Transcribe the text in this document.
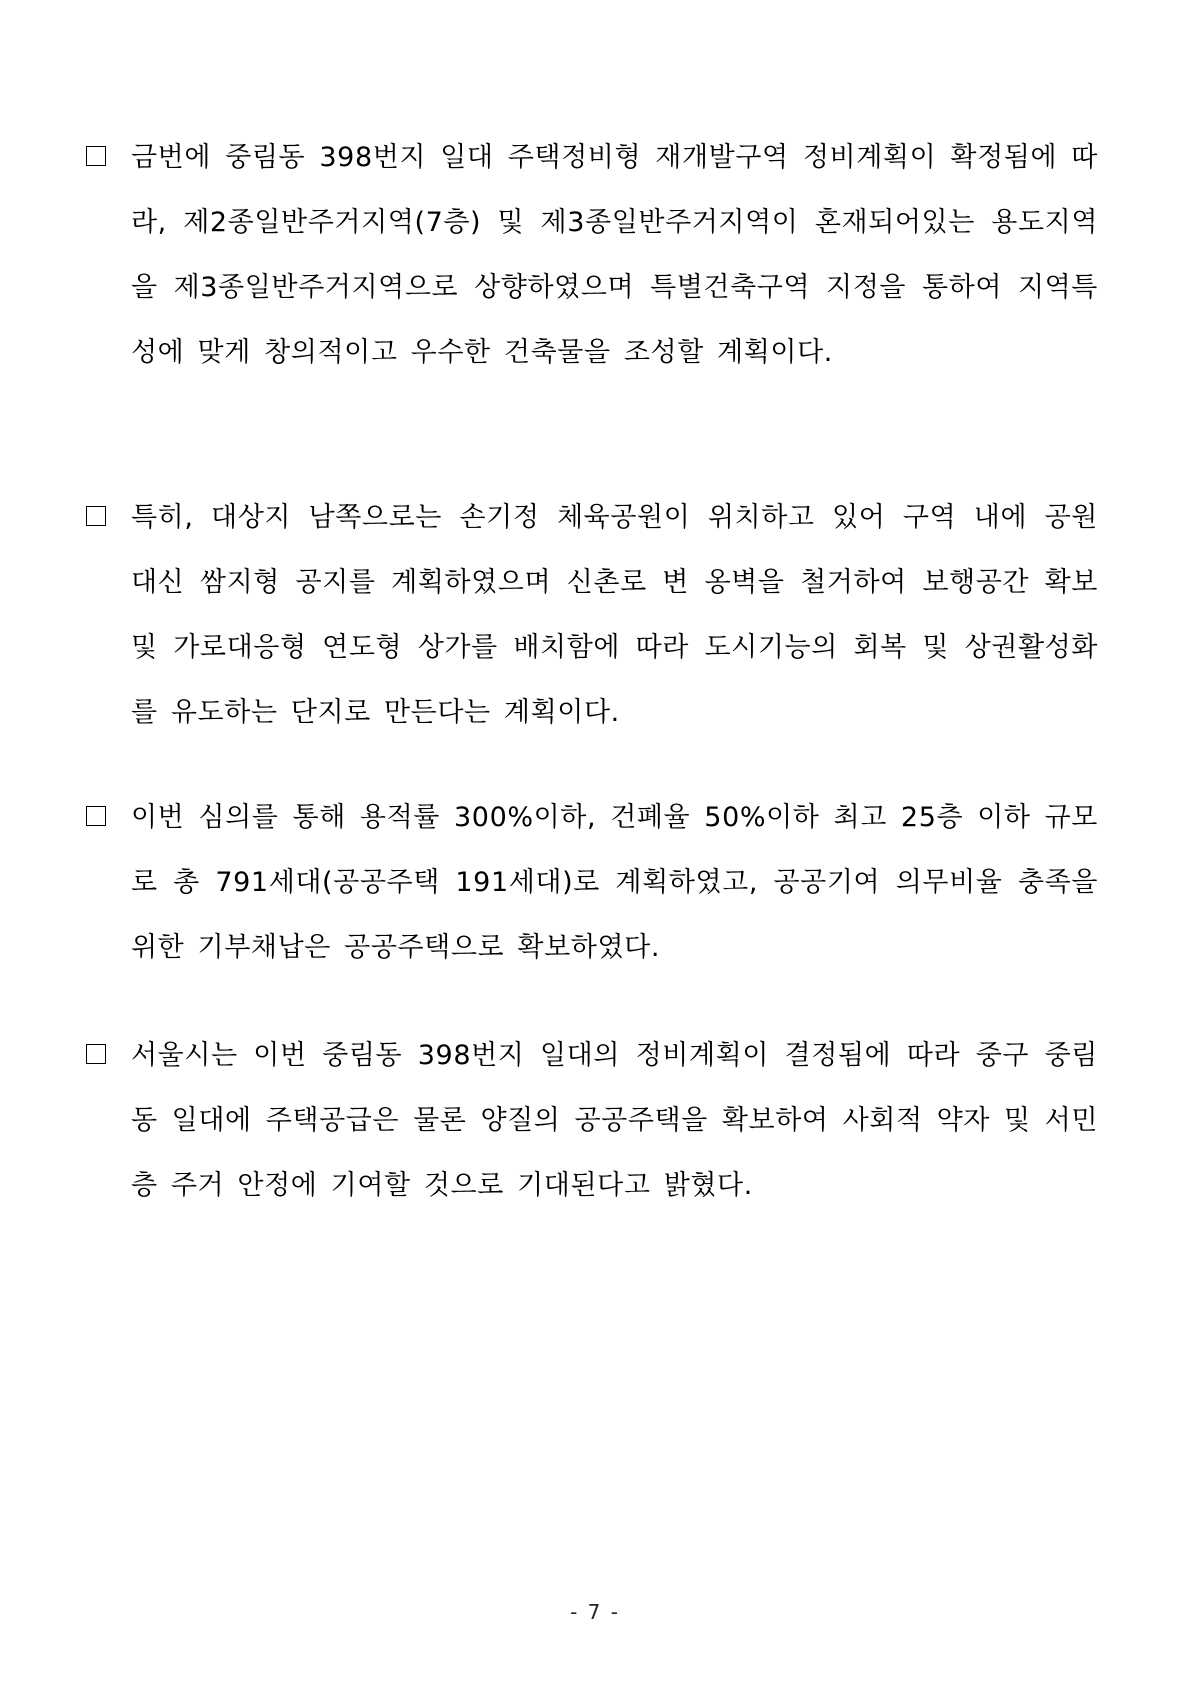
금번에 중림동 398번지 일대 주택정비형 재개발구역 정비계획이 확정됨에 따라, 제2종일반주거지역(7층) 및 제3종일반주거지역이 혼재되어있는 용도지역을 제3종일반주거지역으로 상향하였으며 특별건축구역 지정을 통하여 지역특성에 맞게 창의적이고 우수한 건축물을 조성할 계획이다.
특히, 대상지 남쪽으로는 손기정 체육공원이 위치하고 있어 구역 내에 공원 대신 쌈지형 공지를 계획하였으며 신촌로 변 옹벽을 철거하여 보행공간 확보 및 가로대응형 연도형 상가를 배치함에 따라 도시기능의 회복 및 상권활성화를 유도하는 단지로 만든다는 계획이다.
이번 심의를 통해 용적률 300%이하, 건폐율 50%이하 최고 25층 이하 규모로 총 791세대(공공주택 191세대)로 계획하였고, 공공기여 의무비율 충족을 위한 기부채납은 공공주택으로 확보하였다.
서울시는 이번 중림동 398번지 일대의 정비계획이 결정됨에 따라 중구 중림동 일대에 주택공급은 물론 양질의 공공주택을 확보하여 사회적 약자 및 서민층 주거 안정에 기여할 것으로 기대된다고 밝혔다.
- 7 -
